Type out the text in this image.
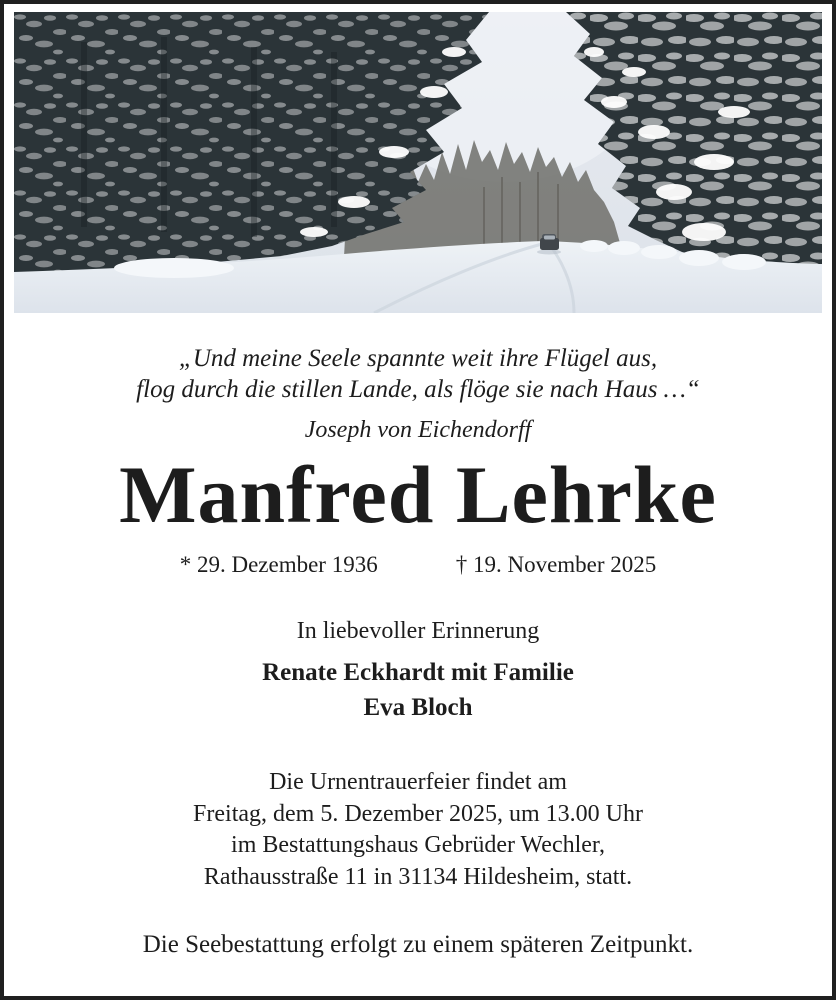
„Und meine Seele spannte weit ihre Flügel aus,

flog durch die stillen Lande, als flöge sie nach Haus …“

Joseph von Eichendorff

Manfred Lehrke
* 29. Dezember 1936	† 19. November 2025

In liebevoller Erinnerung

Renate Eckhardt mit Familie

Eva Bloch

Die Urnentrauerfeier findet am

Freitag, dem 5. Dezember 2025, um 13.00 Uhr

im Bestattungshaus Gebrüder Wechler,

Rathausstraße 11 in 31134 Hildesheim, statt.

Die Seebestattung erfolgt zu einem späteren Zeitpunkt.
